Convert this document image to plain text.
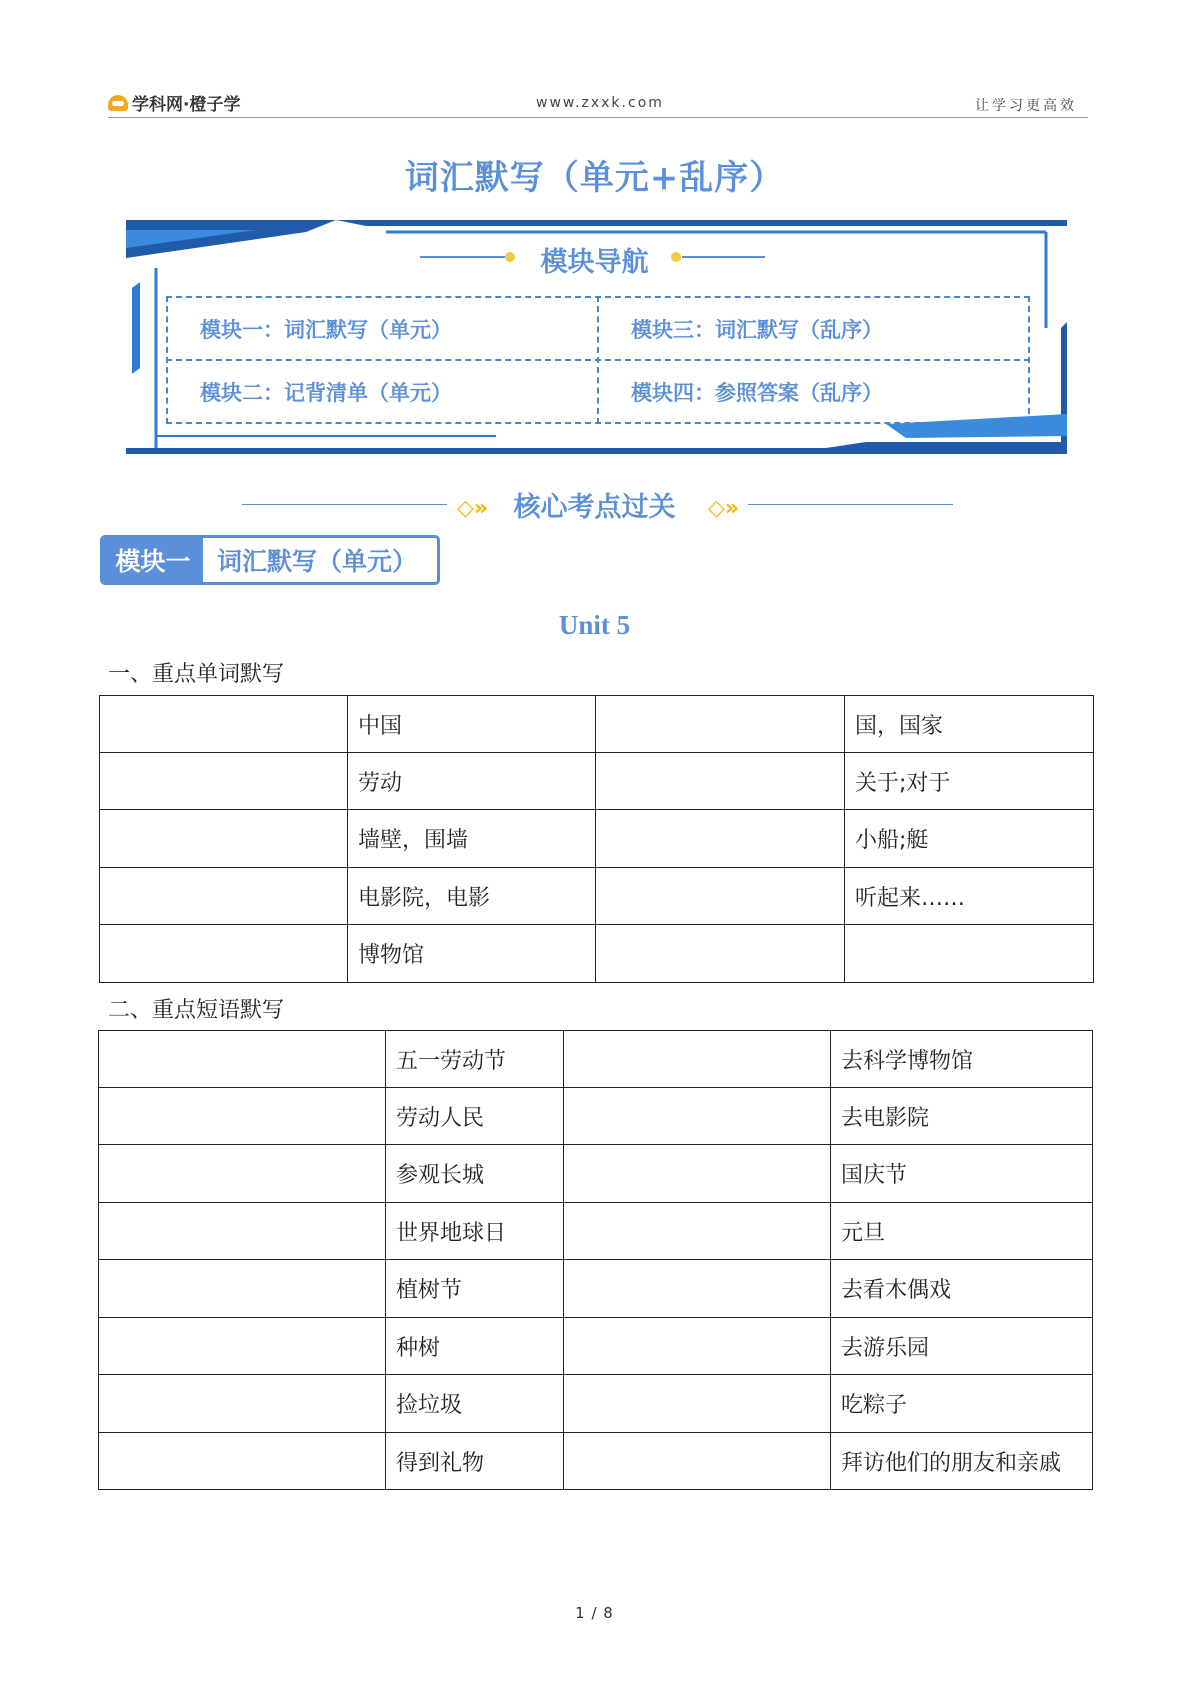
学科网·橙子学	www.zxxk.com	让学习更高效
词汇默写（单元+乱序）
模块导航
模块一：词汇默写（单元）	模块三：词汇默写（乱序）
模块二：记背清单（单元）	模块四：参照答案（乱序）
◇» 核心考点过关	◇»
模块一	词汇默写（单元）
Unit 5
一、重点单词默写
	中国		国，国家
	劳动		关于;对于
	墙壁，围墙		小船;艇
	电影院，电影		听起来……
	博物馆		
二、重点短语默写
	五一劳动节		去科学博物馆
	劳动人民		去电影院
	参观长城		国庆节
	世界地球日		元旦
	植树节		去看木偶戏
	种树		去游乐园
	捡垃圾		吃粽子
	得到礼物		拜访他们的朋友和亲戚
1 / 8
